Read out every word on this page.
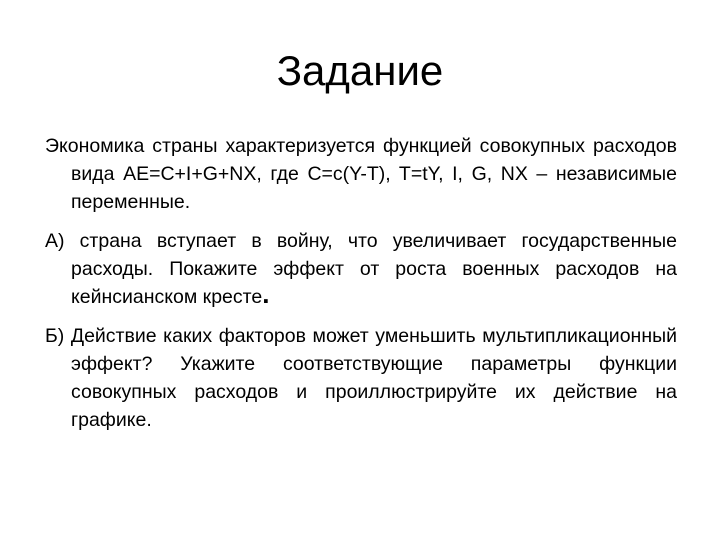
Задание

Экономика страны характеризуется функцией совокупных расходов вида AE=C+I+G+NX, где C=c(Y-T), T=tY, I, G, NX – независимые переменные.

А) страна вступает в войну, что увеличивает государственные расходы. Покажите эффект от роста военных расходов на кейнсианском кресте.

Б) Действие каких факторов может уменьшить мультипликационный эффект? Укажите соответствующие параметры функции совокупных расходов и проиллюстрируйте их действие на графике.
